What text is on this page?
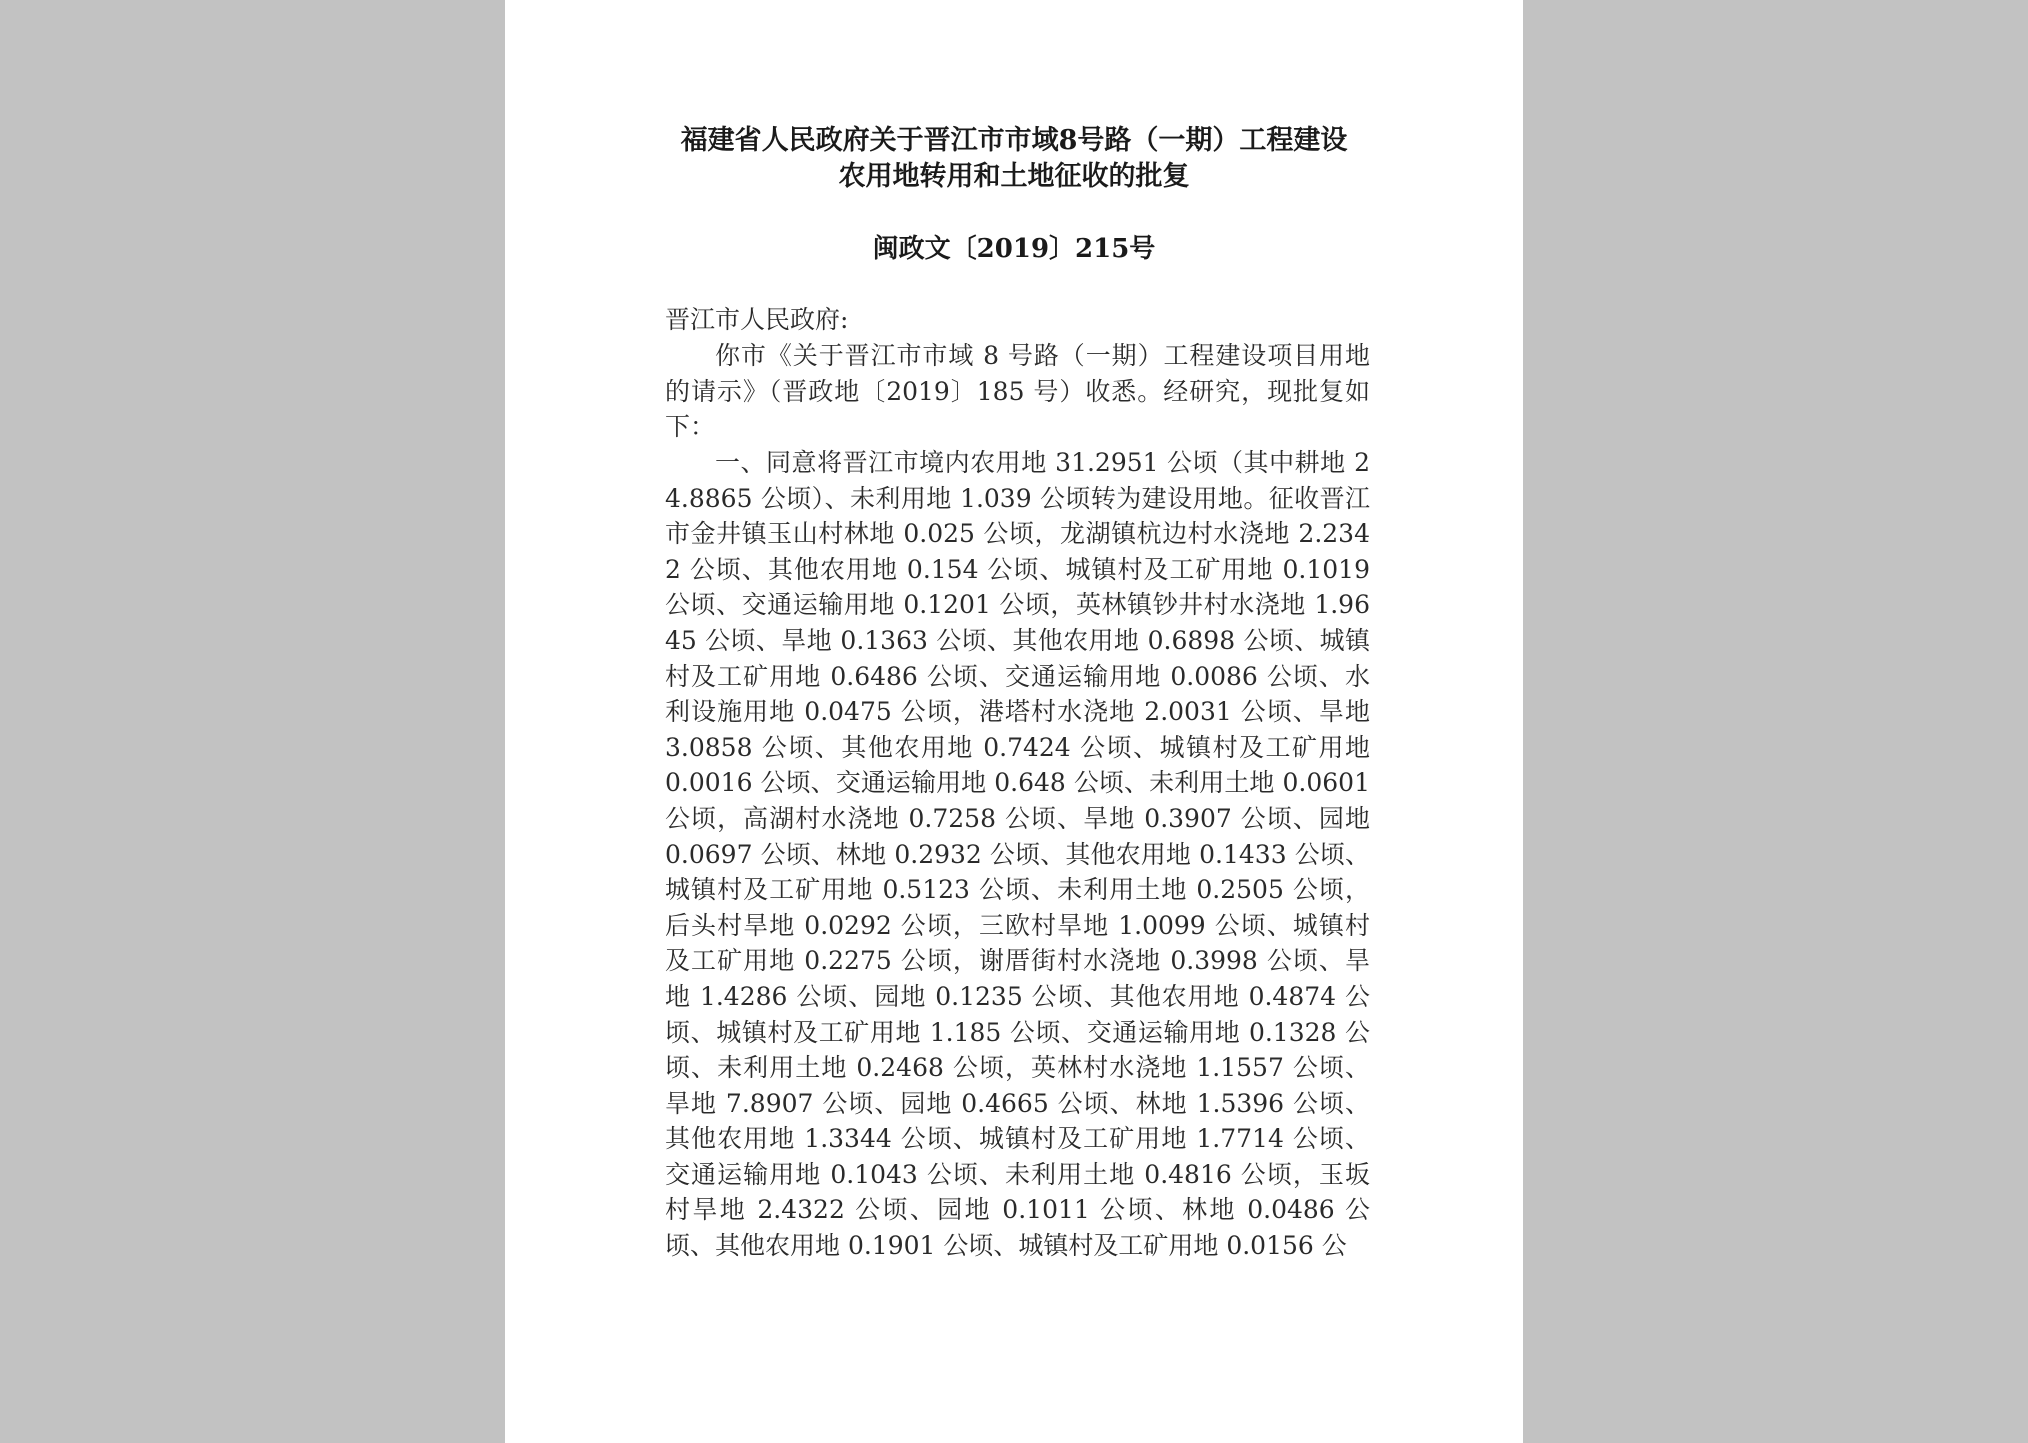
福建省人民政府关于晋江市市域8号路（一期）工程建设
农用地转用和土地征收的批复
闽政文〔2019〕215号
晋江市人民政府:

你市《关于晋江市市域 8 号路（一期）工程建设项目用地的请示》（晋政地〔2019〕185 号）收悉。经研究，现批复如下：

一、同意将晋江市境内农用地 31.2951 公顷（其中耕地 24.8865 公顷）、未利用地 1.039 公顷转为建设用地。征收晋江市金井镇玉山村林地 0.025 公顷，龙湖镇杭边村水浇地 2.2342 公顷、其他农用地 0.154 公顷、城镇村及工矿用地 0.1019 公顷、交通运输用地 0.1201 公顷，英林镇钞井村水浇地 1.9645 公顷、旱地 0.1363 公顷、其他农用地 0.6898 公顷、城镇村及工矿用地 0.6486 公顷、交通运输用地 0.0086 公顷、水利设施用地 0.0475 公顷，港塔村水浇地 2.0031 公顷、旱地 3.0858 公顷、其他农用地 0.7424 公顷、城镇村及工矿用地 0.0016 公顷、交通运输用地 0.648 公顷、未利用土地 0.0601 公顷，高湖村水浇地 0.7258 公顷、旱地 0.3907 公顷、园地 0.0697 公顷、林地 0.2932 公顷、其他农用地 0.1433 公顷、城镇村及工矿用地 0.5123 公顷、未利用土地 0.2505 公顷，后头村旱地 0.0292 公顷，三欧村旱地 1.0099 公顷、城镇村及工矿用地 0.2275 公顷，谢厝街村水浇地 0.3998 公顷、旱地 1.4286 公顷、园地 0.1235 公顷、其他农用地 0.4874 公顷、城镇村及工矿用地 1.185 公顷、交通运输用地 0.1328 公顷、未利用土地 0.2468 公顷，英林村水浇地 1.1557 公顷、旱地 7.8907 公顷、园地 0.4665 公顷、林地 1.5396 公顷、其他农用地 1.3344 公顷、城镇村及工矿用地 1.7714 公顷、交通运输用地 0.1043 公顷、未利用土地 0.4816 公顷，玉坂村旱地 2.4322 公顷、园地 0.1011 公顷、林地 0.0486 公顷、其他农用地 0.1901 公顷、城镇村及工矿用地 0.0156 公
